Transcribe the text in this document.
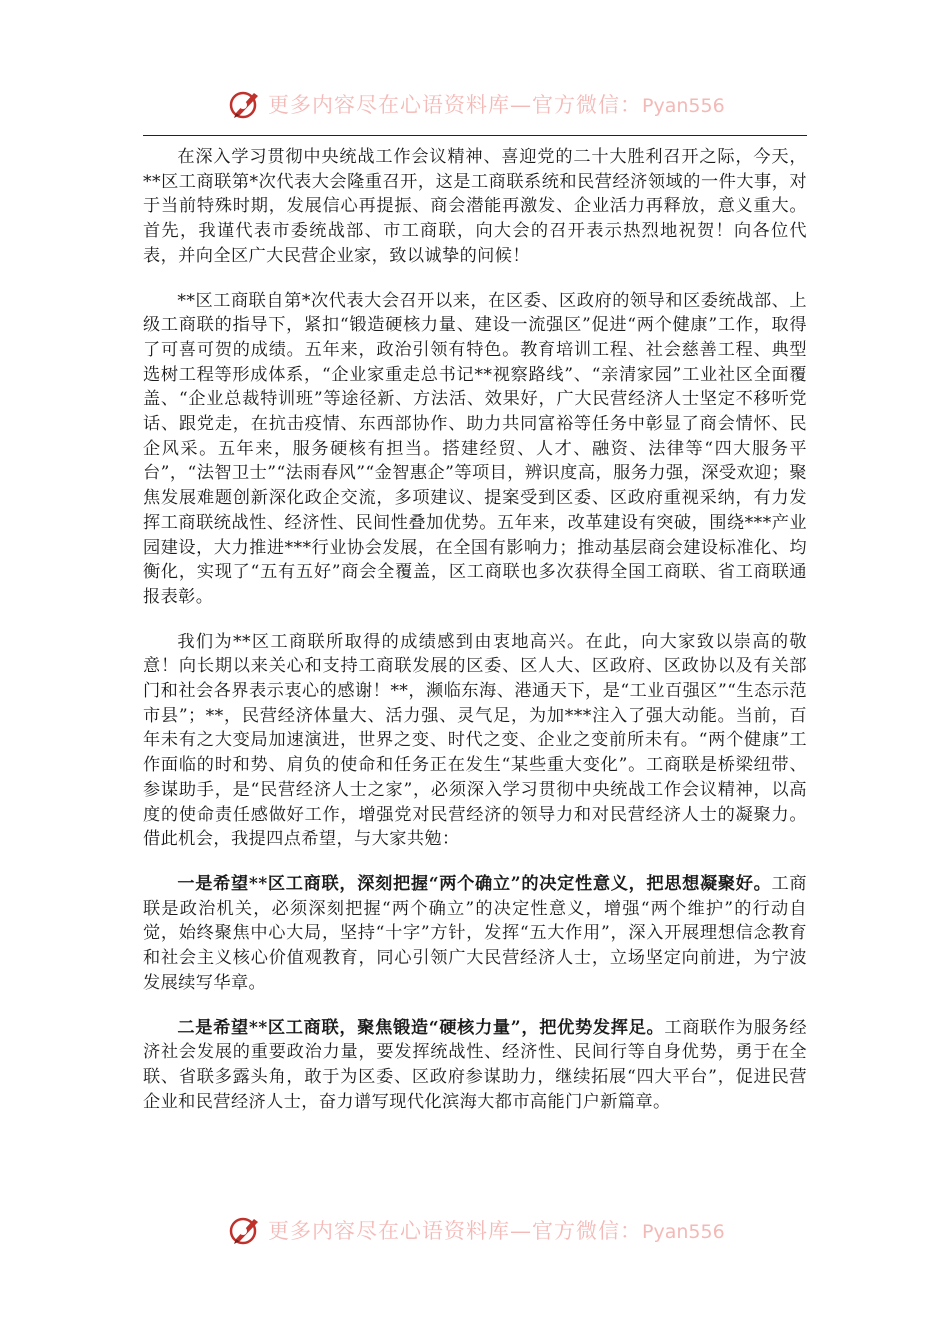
更多内容尽在心语资料库—官方微信：Pyan556

在深入学习贯彻中央统战工作会议精神、喜迎党的二十大胜利召开之际，今天，**区工商联第*次代表大会隆重召开，这是工商联系统和民营经济领域的一件大事，对于当前特殊时期，发展信心再提振、商会潜能再激发、企业活力再释放，意义重大。首先，我谨代表市委统战部、市工商联，向大会的召开表示热烈地祝贺！向各位代表，并向全区广大民营企业家，致以诚挚的问候！

**区工商联自第*次代表大会召开以来，在区委、区政府的领导和区委统战部、上级工商联的指导下，紧扣“锻造硬核力量、建设一流强区”促进“两个健康”工作，取得了可喜可贺的成绩。五年来，政治引领有特色。教育培训工程、社会慈善工程、典型选树工程等形成体系，“企业家重走总书记**视察路线”、“亲清家园”工业社区全面覆盖、“企业总裁特训班”等途径新、方法活、效果好，广大民营经济人士坚定不移听党话、跟党走，在抗击疫情、东西部协作、助力共同富裕等任务中彰显了商会情怀、民企风采。五年来，服务硬核有担当。搭建经贸、人才、融资、法律等“四大服务平台”，“法智卫士”“法雨春风”“金智惠企”等项目，辨识度高，服务力强，深受欢迎；聚焦发展难题创新深化政企交流，多项建议、提案受到区委、区政府重视采纳，有力发挥工商联统战性、经济性、民间性叠加优势。五年来，改革建设有突破，围绕***产业园建设，大力推进***行业协会发展，在全国有影响力；推动基层商会建设标准化、均衡化，实现了“五有五好”商会全覆盖，区工商联也多次获得全国工商联、省工商联通报表彰。

我们为**区工商联所取得的成绩感到由衷地高兴。在此，向大家致以崇高的敬意！向长期以来关心和支持工商联发展的区委、区人大、区政府、区政协以及有关部门和社会各界表示衷心的感谢！**，濒临东海、港通天下，是“工业百强区”“生态示范市县”；**，民营经济体量大、活力强、灵气足，为加***注入了强大动能。当前，百年未有之大变局加速演进，世界之变、时代之变、企业之变前所未有。“两个健康”工作面临的时和势、肩负的使命和任务正在发生“某些重大变化”。工商联是桥梁纽带、参谋助手，是“民营经济人士之家”，必须深入学习贯彻中央统战工作会议精神，以高度的使命责任感做好工作，增强党对民营经济的领导力和对民营经济人士的凝聚力。借此机会，我提四点希望，与大家共勉：

一是希望**区工商联，深刻把握“两个确立”的决定性意义，把思想凝聚好。工商联是政治机关，必须深刻把握“两个确立”的决定性意义，增强“两个维护”的行动自觉，始终聚焦中心大局，坚持“十字”方针，发挥“五大作用”，深入开展理想信念教育和社会主义核心价值观教育，同心引领广大民营经济人士，立场坚定向前进，为宁波发展续写华章。

二是希望**区工商联，聚焦锻造“硬核力量”，把优势发挥足。工商联作为服务经济社会发展的重要政治力量，要发挥统战性、经济性、民间行等自身优势，勇于在全联、省联多露头角，敢于为区委、区政府参谋助力，继续拓展“四大平台”，促进民营企业和民营经济人士，奋力谱写现代化滨海大都市高能门户新篇章。

更多内容尽在心语资料库—官方微信：Pyan556
